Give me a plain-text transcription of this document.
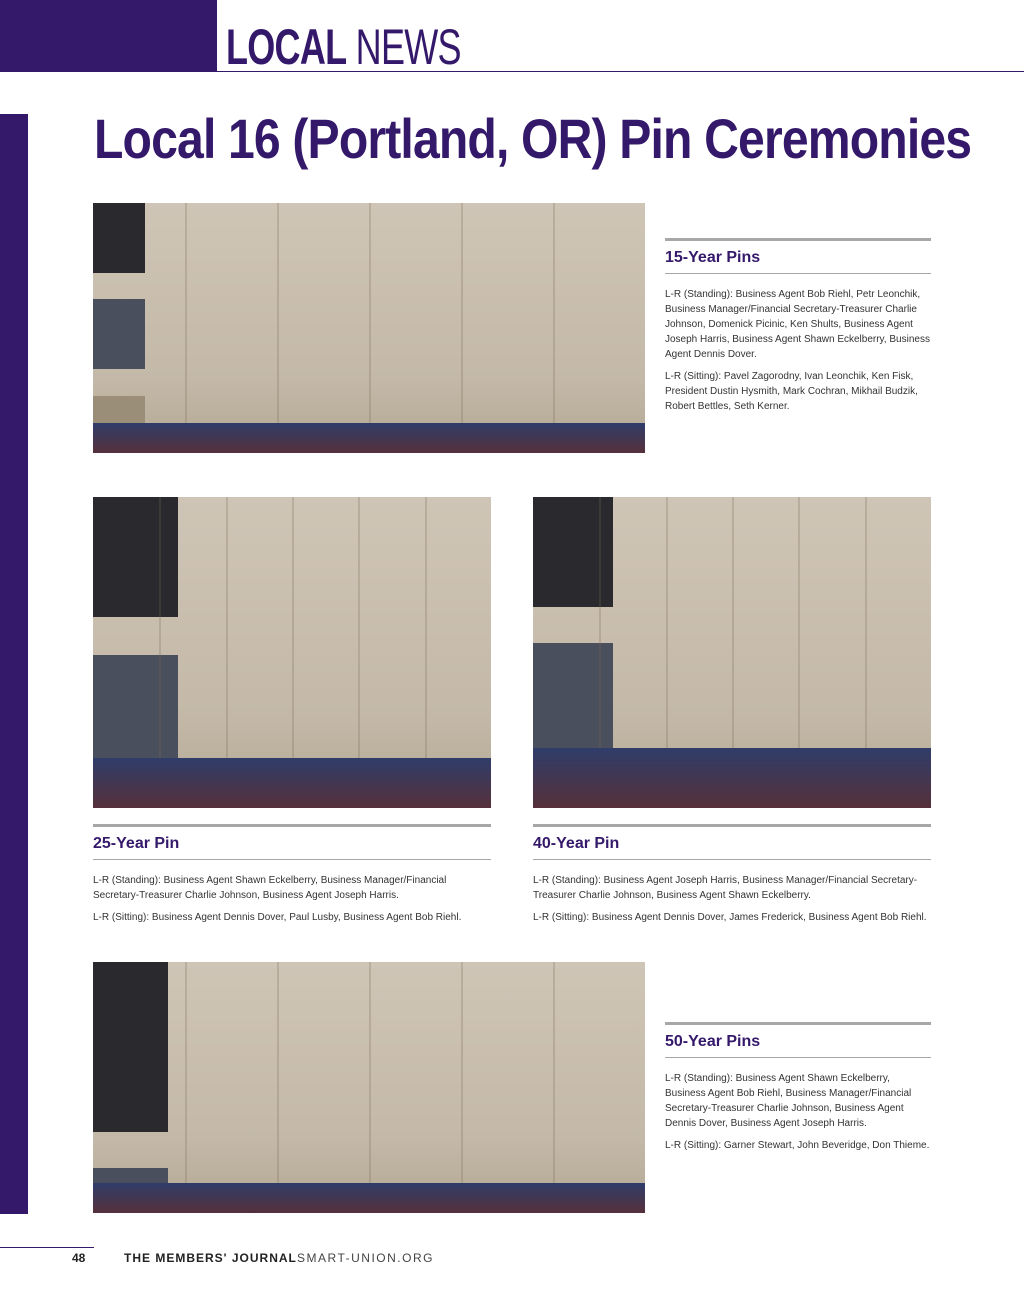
LOCAL NEWS
Local 16 (Portland, OR) Pin Ceremonies
15-Year Pins

L-R (Standing): Business Agent Bob Riehl, Petr Leonchik, Business Manager/Financial Secretary-Treasurer Charlie Johnson, Domenick Picinic, Ken Shults, Business Agent Joseph Harris, Business Agent Shawn Eckelberry, Business Agent Dennis Dover.

L-R (Sitting): Pavel Zagorodny, Ivan Leonchik, Ken Fisk, President Dustin Hysmith, Mark Cochran, Mikhail Budzik, Robert Bettles, Seth Kerner.

25-Year Pin

L-R (Standing): Business Agent Shawn Eckelberry, Business Manager/Financial Secretary-Treasurer Charlie Johnson, Business Agent Joseph Harris.

L-R (Sitting): Business Agent Dennis Dover, Paul Lusby, Business Agent Bob Riehl.

40-Year Pin

L-R (Standing): Business Agent Joseph Harris, Business Manager/Financial Secretary-Treasurer Charlie Johnson, Business Agent Shawn Eckelberry.

L-R (Sitting): Business Agent Dennis Dover, James Frederick, Business Agent Bob Riehl.

50-Year Pins

L-R (Standing): Business Agent Shawn Eckelberry, Business Agent Bob Riehl, Business Manager/Financial Secretary-Treasurer Charlie Johnson, Business Agent Dennis Dover, Business Agent Joseph Harris.

L-R (Sitting): Garner Stewart, John Beveridge, Don Thieme.

48	THE MEMBERS' JOURNAL SMART-UNION.ORG
